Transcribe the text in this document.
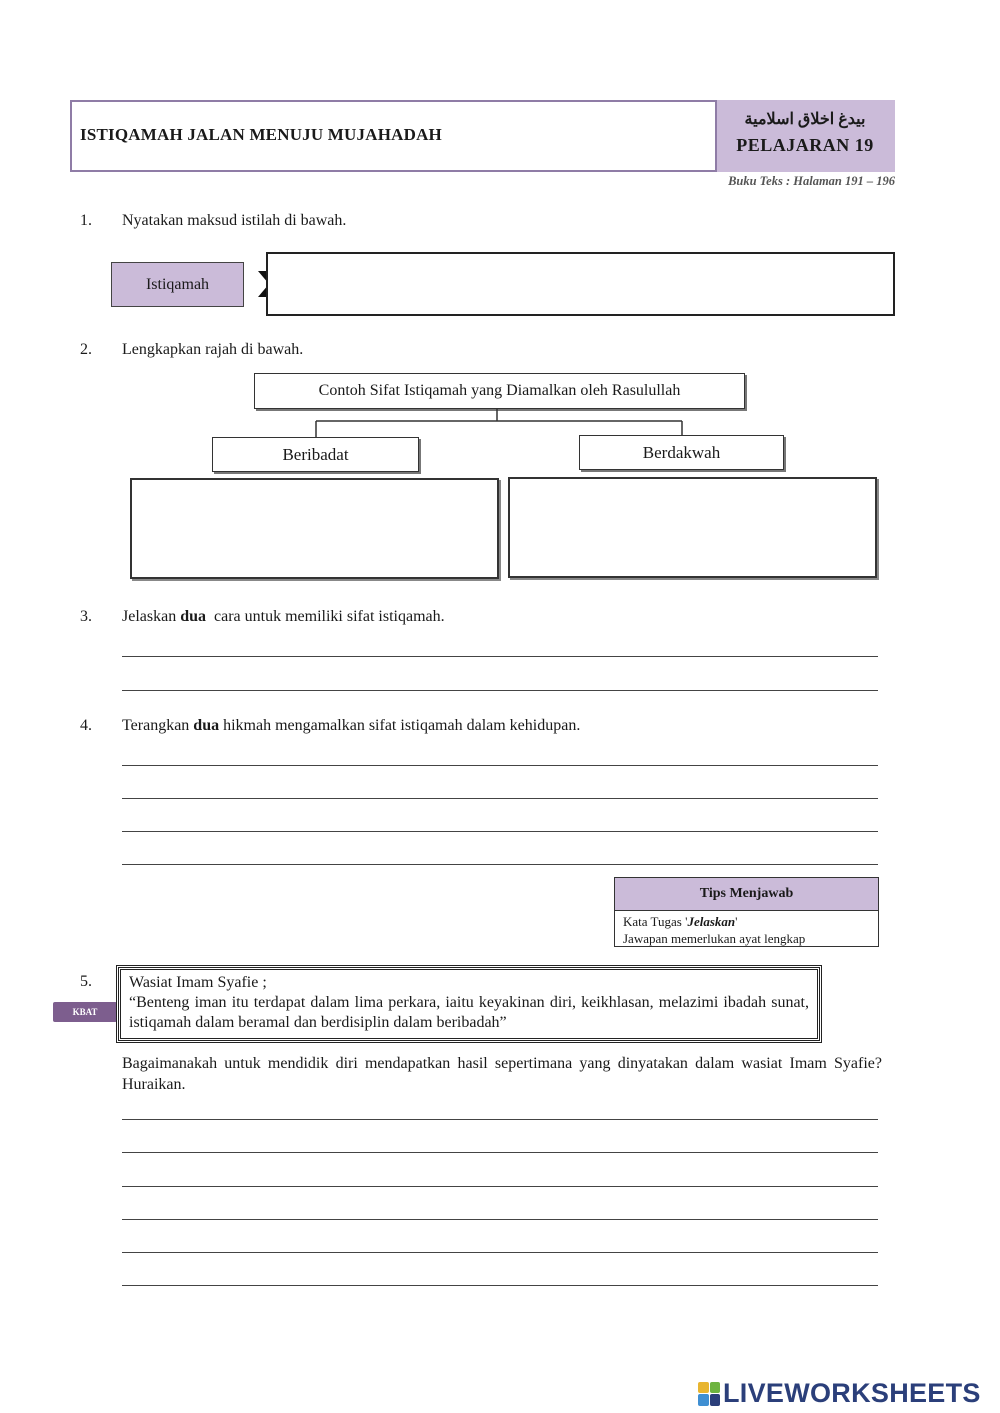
ISTIQAMAH JALAN MENUJU MUJAHADAH
بيدغ اخلاق اسلامية
PELAJARAN 19
Buku Teks : Halaman 191 – 196
1. Nyatakan maksud istilah di bawah.
Istiqamah
2. Lengkapkan rajah di bawah.
Contoh Sifat Istiqamah yang Diamalkan oleh Rasulullah
Beribadat	Berdakwah
3. Jelaskan dua  cara untuk memiliki sifat istiqamah.
4. Terangkan dua hikmah mengamalkan sifat istiqamah dalam kehidupan.
Tips Menjawab
Kata Tugas 'Jelaskan'
Jawapan memerlukan ayat lengkap
5.
KBAT
Wasiat Imam Syafie ;
“Benteng iman itu terdapat dalam lima perkara, iaitu keyakinan diri, keikhlasan, melazimi ibadah sunat, istiqamah dalam beramal dan berdisiplin dalam beribadah”
Bagaimanakah untuk mendidik diri mendapatkan hasil sepertimana yang dinyatakan dalam wasiat Imam Syafie? Huraikan.
LIVEWORKSHEETS
